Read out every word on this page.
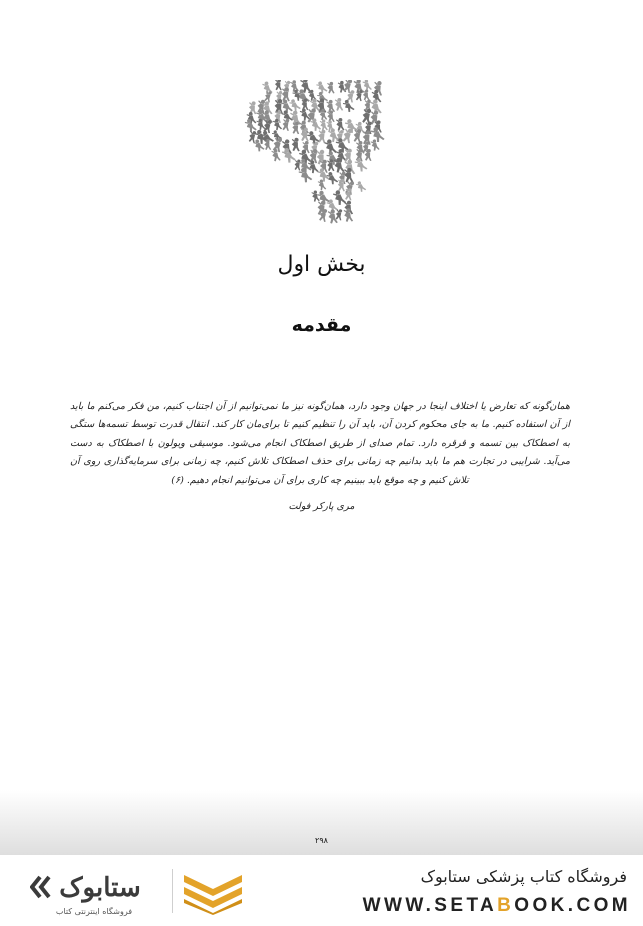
بخش اول
مقدمه
همان‌گونه که تعارض یا اختلاف اینجا در جهان وجود دارد، همان‌گونه نیز ما نمی‌توانیم از آن اجتناب کنیم، من فکر می‌کنم ما باید از آن استفاده کنیم. ما به جای محکوم کردن آن، باید آن را تنظیم کنیم تا برای‌مان کار کند. انتقال قدرت توسط تسمه‌ها ستگی به اصطکاک بین تسمه و قرقره دارد. تمام صدای از طریق اصطکاک انجام می‌شود. موسیقی ویولون با اصطکاک به دست می‌آید. شرایبی در تجارت هم ما باید بدانیم چه زمانی برای حذف اصطکاک تلاش کنیم، چه زمانی برای سرمایه‌گذاری روی آن تلاش کنیم و چه موقع باید ببینیم چه کاری برای آن می‌توانیم انجام دهیم. (۶)
مری پارکر فولت
۲۹۸
ستابوک
فروشگاه اینترنتی کتاب
فروشگاه کتاب پزشکی ستابوک
WWW.SETABOOK.COM
